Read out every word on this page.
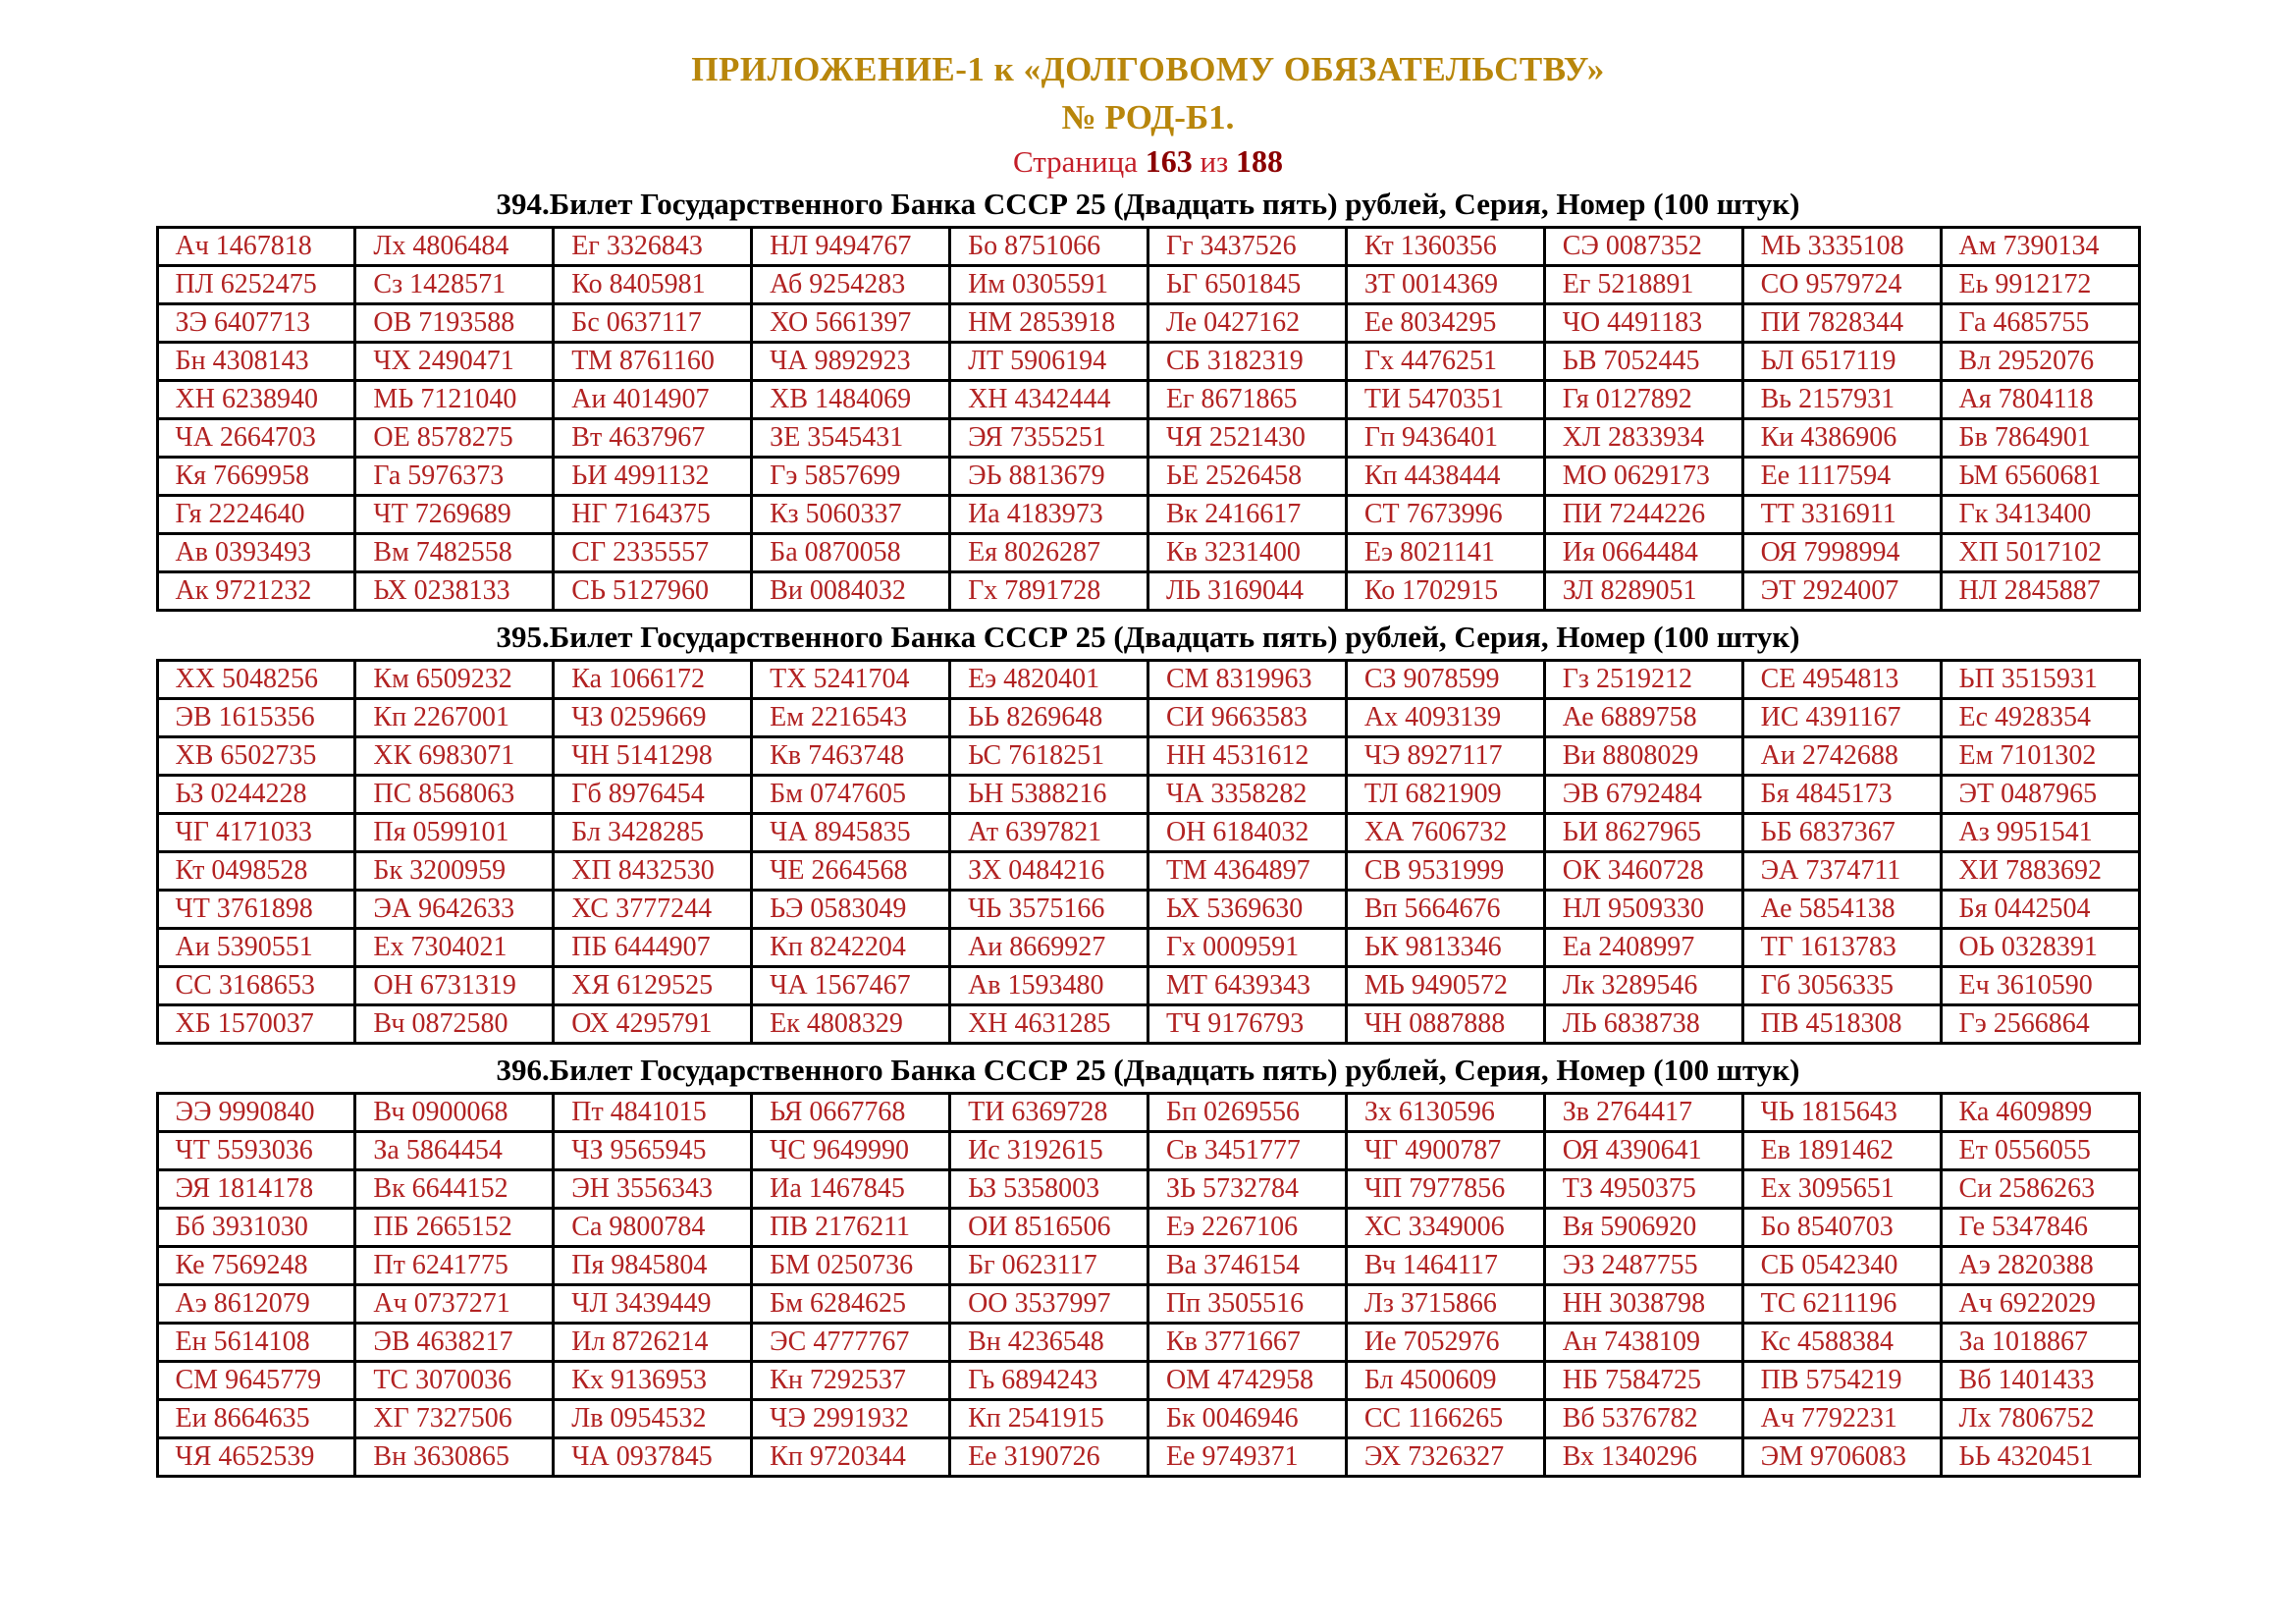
ПРИЛОЖЕНИЕ-1 к «ДОЛГОВОМУ ОБЯЗАТЕЛЬСТВУ»
№ РОД-Б1.
Страница 163 из 188
394.Билет Государственного Банка СССР 25 (Двадцать пять) рублей, Серия, Номер (100 штук)
Ач 1467818	Лх 4806484	Ег 3326843	НЛ 9494767	Бо 8751066	Гг 3437526	Кт 1360356	СЭ 0087352	МЬ 3335108	Ам 7390134
ПЛ 6252475	Сз 1428571	Ко 8405981	Аб 9254283	Им 0305591	ЬГ 6501845	ЗТ 0014369	Ег 5218891	СО 9579724	Еь 9912172
ЗЭ 6407713	ОВ 7193588	Бс 0637117	ХО 5661397	НМ 2853918	Ле 0427162	Ее 8034295	ЧО 4491183	ПИ 7828344	Га 4685755
Бн 4308143	ЧХ 2490471	ТМ 8761160	ЧА 9892923	ЛТ 5906194	СБ 3182319	Гх 4476251	ЬВ 7052445	ЬЛ 6517119	Вл 2952076
ХН 6238940	МЬ 7121040	Аи 4014907	ХВ 1484069	ХН 4342444	Ег 8671865	ТИ 5470351	Гя 0127892	Вь 2157931	Ая 7804118
ЧА 2664703	ОЕ 8578275	Вт 4637967	ЗЕ 3545431	ЭЯ 7355251	ЧЯ 2521430	Гп 9436401	ХЛ 2833934	Ки 4386906	Бв 7864901
Кя 7669958	Га 5976373	ЬИ 4991132	Гэ 5857699	ЭЬ 8813679	ЬЕ 2526458	Кп 4438444	МО 0629173	Ее 1117594	ЬМ 6560681
Гя 2224640	ЧТ 7269689	НГ 7164375	Кз 5060337	Иа 4183973	Вк 2416617	СТ 7673996	ПИ 7244226	ТТ 3316911	Гк 3413400
Ав 0393493	Вм 7482558	СГ 2335557	Ба 0870058	Ея 8026287	Кв 3231400	Еэ 8021141	Ия 0664484	ОЯ 7998994	ХП 5017102
Ак 9721232	ЬХ 0238133	СЬ 5127960	Ви 0084032	Гх 7891728	ЛЬ 3169044	Ко 1702915	ЗЛ 8289051	ЭТ 2924007	НЛ 2845887
395.Билет Государственного Банка СССР 25 (Двадцать пять) рублей, Серия, Номер (100 штук)
ХХ 5048256	Км 6509232	Ка 1066172	ТХ 5241704	Еэ 4820401	СМ 8319963	СЗ 9078599	Гз 2519212	СЕ 4954813	ЬП 3515931
ЭВ 1615356	Кп 2267001	ЧЗ 0259669	Ем 2216543	ЬЬ 8269648	СИ 9663583	Ах 4093139	Ае 6889758	ИС 4391167	Ес 4928354
ХВ 6502735	ХК 6983071	ЧН 5141298	Кв 7463748	ЬС 7618251	НН 4531612	ЧЭ 8927117	Ви 8808029	Аи 2742688	Ем 7101302
ЬЗ 0244228	ПС 8568063	Гб 8976454	Бм 0747605	ЬН 5388216	ЧА 3358282	ТЛ 6821909	ЭВ 6792484	Бя 4845173	ЭТ 0487965
ЧГ 4171033	Пя 0599101	Бл 3428285	ЧА 8945835	Ат 6397821	ОН 6184032	ХА 7606732	ЬИ 8627965	ЬБ 6837367	Аз 9951541
Кт 0498528	Бк 3200959	ХП 8432530	ЧЕ 2664568	ЗХ 0484216	ТМ 4364897	СВ 9531999	ОК 3460728	ЭА 7374711	ХИ 7883692
ЧТ 3761898	ЭА 9642633	ХС 3777244	ЬЭ 0583049	ЧЬ 3575166	ЬХ 5369630	Вп 5664676	НЛ 9509330	Ае 5854138	Бя 0442504
Аи 5390551	Ех 7304021	ПБ 6444907	Кп 8242204	Аи 8669927	Гх 0009591	ЬК 9813346	Еа 2408997	ТГ 1613783	ОЬ 0328391
СС 3168653	ОН 6731319	ХЯ 6129525	ЧА 1567467	Ав 1593480	МТ 6439343	МЬ 9490572	Лк 3289546	Гб 3056335	Еч 3610590
ХБ 1570037	Вч 0872580	ОХ 4295791	Ек 4808329	ХН 4631285	ТЧ 9176793	ЧН 0887888	ЛЬ 6838738	ПВ 4518308	Гэ 2566864
396.Билет Государственного Банка СССР 25 (Двадцать пять) рублей, Серия, Номер (100 штук)
ЭЭ 9990840	Вч 0900068	Пт 4841015	ЬЯ 0667768	ТИ 6369728	Бп 0269556	Зх 6130596	Зв 2764417	ЧЬ 1815643	Ка 4609899
ЧТ 5593036	За 5864454	ЧЗ 9565945	ЧС 9649990	Ис 3192615	Св 3451777	ЧГ 4900787	ОЯ 4390641	Ев 1891462	Ет 0556055
ЭЯ 1814178	Вк 6644152	ЭН 3556343	Иа 1467845	ЬЗ 5358003	ЗЬ 5732784	ЧП 7977856	ТЗ 4950375	Ех 3095651	Си 2586263
Бб 3931030	ПБ 2665152	Са 9800784	ПВ 2176211	ОИ 8516506	Еэ 2267106	ХС 3349006	Вя 5906920	Бо 8540703	Ге 5347846
Ке 7569248	Пт 6241775	Пя 9845804	БМ 0250736	Бг 0623117	Ва 3746154	Вч 1464117	ЭЗ 2487755	СБ 0542340	Аэ 2820388
Аэ 8612079	Ач 0737271	ЧЛ 3439449	Бм 6284625	ОО 3537997	Пп 3505516	Лз 3715866	НН 3038798	ТС 6211196	Ач 6922029
Ен 5614108	ЭВ 4638217	Ил 8726214	ЭС 4777767	Вн 4236548	Кв 3771667	Ие 7052976	Ан 7438109	Кс 4588384	За 1018867
СМ 9645779	ТС 3070036	Кх 9136953	Кн 7292537	Гь 6894243	ОМ 4742958	Бл 4500609	НБ 7584725	ПВ 5754219	Вб 1401433
Еи 8664635	ХГ 7327506	Лв 0954532	ЧЭ 2991932	Кп 2541915	Бк 0046946	СС 1166265	Вб 5376782	Ач 7792231	Лх 7806752
ЧЯ 4652539	Вн 3630865	ЧА 0937845	Кп 9720344	Ее 3190726	Ее 9749371	ЭХ 7326327	Вх 1340296	ЭМ 9706083	ЬЬ 4320451
